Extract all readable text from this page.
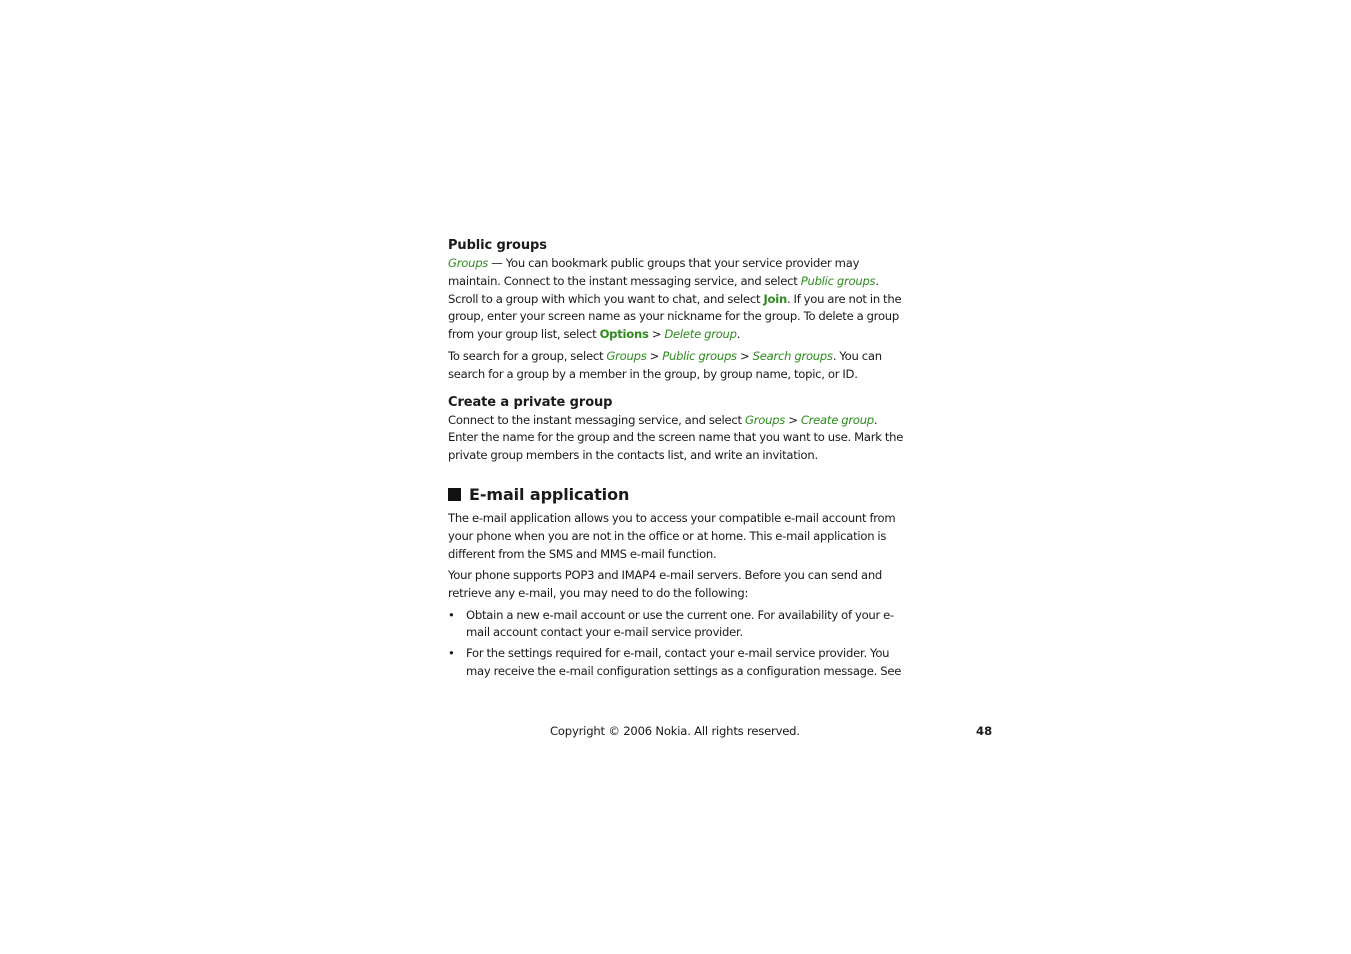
Public groups

Groups — You can bookmark public groups that your service provider may maintain. Connect to the instant messaging service, and select Public groups. Scroll to a group with which you want to chat, and select Join. If you are not in the group, enter your screen name as your nickname for the group. To delete a group from your group list, select Options > Delete group.

To search for a group, select Groups > Public groups > Search groups. You can search for a group by a member in the group, by group name, topic, or ID.

Create a private group

Connect to the instant messaging service, and select Groups > Create group. Enter the name for the group and the screen name that you want to use. Mark the private group members in the contacts list, and write an invitation.

E-mail application

The e-mail application allows you to access your compatible e-mail account from your phone when you are not in the office or at home. This e-mail application is different from the SMS and MMS e-mail function.

Your phone supports POP3 and IMAP4 e-mail servers. Before you can send and retrieve any e-mail, you may need to do the following:

• Obtain a new e-mail account or use the current one. For availability of your e-mail account contact your e-mail service provider.
• For the settings required for e-mail, contact your e-mail service provider. You may receive the e-mail configuration settings as a configuration message. See
Copyright © 2006 Nokia. All rights reserved.	48
